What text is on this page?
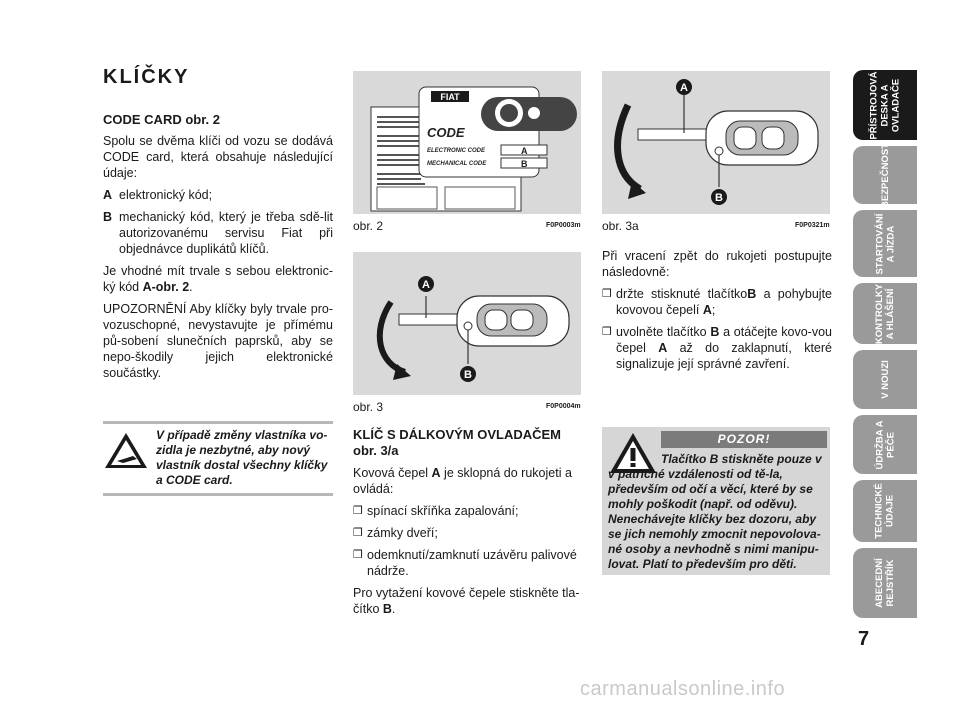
KLÍČKY
CODE CARD obr. 2
Spolu se dvěma klíči od vozu se dodává CODE card, která obsahuje následující údaje:
A elektronický kód;
B mechanický kód, který je třeba sdě-lit autorizovanému servisu Fiat při objednávce duplikátů klíčů.
Je vhodné mít trvale s sebou elektronic-ký kód A-obr. 2.
UPOZORNĚNÍ Aby klíčky byly trvale pro-vozuschopné, nevystavujte je přímému pů-sobení slunečních paprsků, aby se nepo-škodily jejich elektronické součástky.
V případě změny vlastníka vo-zidla je nezbytné, aby nový vlastník dostal všechny klíčky a CODE card.
FIAT
CODE
ELECTRONIC CODE	A
MECHANICAL CODE	B
obr. 2	F0P0003m
A
B
obr. 3	F0P0004m
A
B
obr. 3a	F0P0321m
KLÍČ S DÁLKOVÝM OVLADAČEM obr. 3/a
Kovová čepel A je sklopná do rukojeti a ovládá:
❒ spínací skříňka zapalování;
❒ zámky dveří;
❒ odemknutí/zamknutí uzávěru palivové nádrže.
Pro vytažení kovové čepele stiskněte tla-čítko B.
Při vracení zpět do rukojeti postupujte následovně:
❒ držte stisknuté tlačítkoB a pohybujte kovovou čepelí A;
❒ uvolněte tlačítko B a otáčejte kovo-vou čepel A až do zaklapnutí, které signalizuje její správné zavření.
POZOR!
Tlačítko B stiskněte pouze v
v patřičné vzdálenosti od tě-la, především od očí a věcí, které by se mohly poškodit (např. od oděvu). Nenechávejte klíčky bez dozoru, aby se jich nemohly zmocnit nepovolova-né osoby a nevhodně s nimi manipu-lovat. Platí to především pro děti.
PŘÍSTROJOVÁ DESKA A OVLADAČE
BEZPEČNOST
STARTOVÁNÍ A JÍZDA
KONTROLKY A HLÁŠENÍ
V NOUZI
ÚDRŽBA A PÉČE
TECHNICKÉ ÚDAJE
ABECEDNÍ REJSTŘÍK
7
carmanualsonline.info
